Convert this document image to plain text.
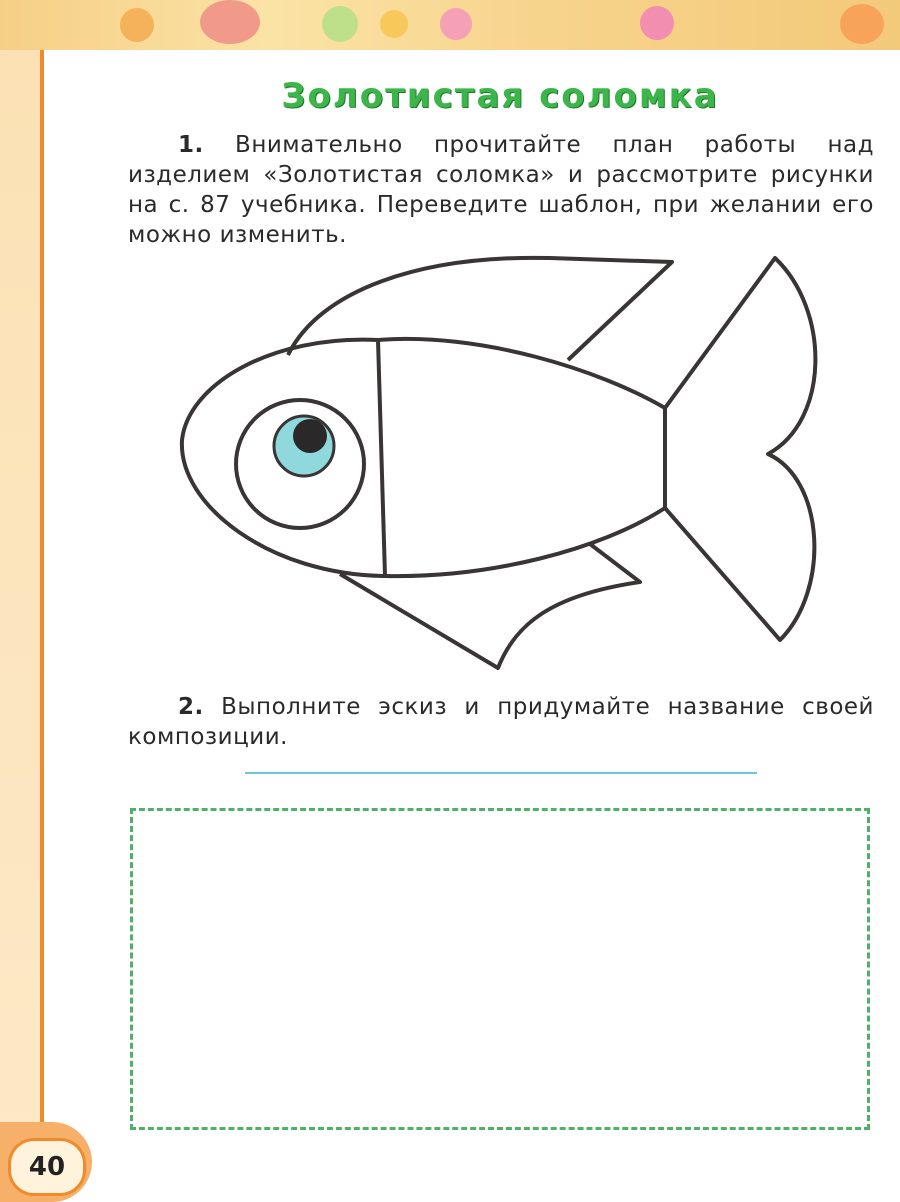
40
Золотистая соломка
1. Внимательно прочитайте план работы над изделием «Золотистая соломка» и рассмотрите рисунки на с. 87 учебника. Переведите шаблон, при желании его можно изменить.
2. Выполните эскиз и придумайте название своей композиции.
